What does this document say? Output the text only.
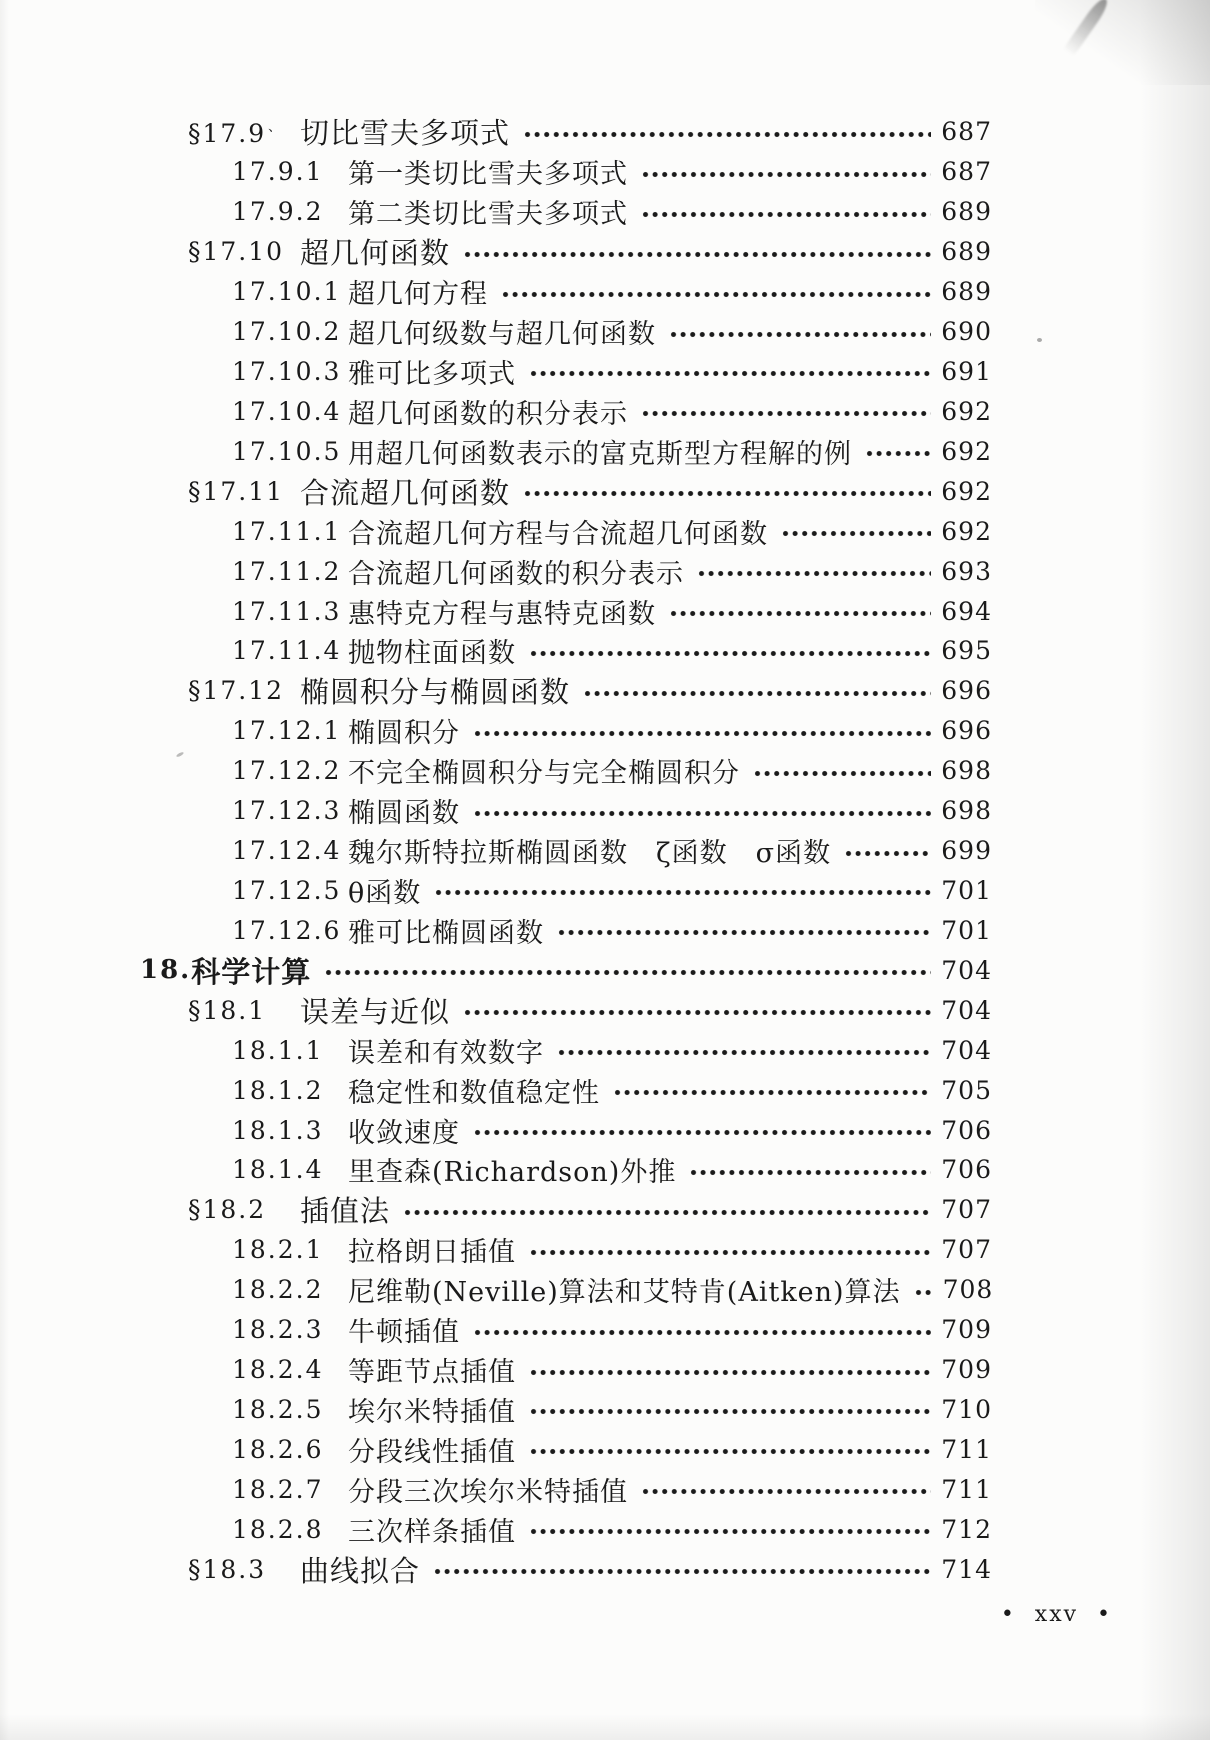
§17.9 、 切比雪夫多项式	687
17.9.1 第一类切比雪夫多项式	687
17.9.2 第二类切比雪夫多项式	689
§17.10 超几何函数	689
17.10.1 超几何方程	689
17.10.2 超几何级数与超几何函数	690
17.10.3 雅可比多项式	691
17.10.4 超几何函数的积分表示	692
17.10.5 用超几何函数表示的富克斯型方程解的例	692
§17.11 合流超几何函数	692
17.11.1 合流超几何方程与合流超几何函数	692
17.11.2 合流超几何函数的积分表示	693
17.11.3 惠特克方程与惠特克函数	694
17.11.4 抛物柱面函数	695
§17.12 椭圆积分与椭圆函数	696
17.12.1 椭圆积分	696
17.12.2 不完全椭圆积分与完全椭圆积分	698
17.12.3 椭圆函数	698
17.12.4 魏尔斯特拉斯椭圆函数　ζ函数　σ函数	699
17.12.5 θ函数	701
17.12.6 雅可比椭圆函数	701
18. 科学计算	704
§18.1	误差与近似	704
18.1.1 误差和有效数字	704
18.1.2 稳定性和数值稳定性	705
18.1.3 收敛速度	706
18.1.4 里查森(Richardson)外推	706
§18.2	插值法	707
18.2.1 拉格朗日插值	707
18.2.2 尼维勒(Neville)算法和艾特肯(Aitken)算法 708
18.2.3 牛顿插值	709
18.2.4 等距节点插值	709
18.2.5 埃尔米特插值	710
18.2.6 分段线性插值	711
18.2.7 分段三次埃尔米特插值	711
18.2.8 三次样条插值	712
§18.3	曲线拟合	714
• xxv •
